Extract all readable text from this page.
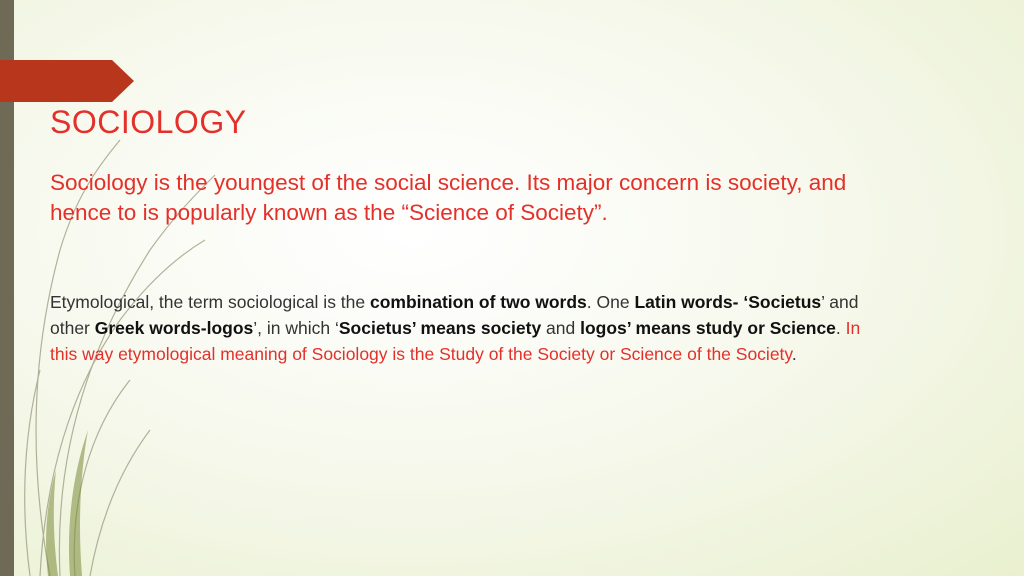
SOCIOLOGY

Sociology is the youngest of the social science. Its major concern is society, and hence to is popularly known as the “Science of Society”.

Etymological, the term sociological is the combination of two words. One Latin words- ‘Societus’ and other Greek words-logos’, in which ‘Societus’ means society and logos’ means study or Science. In this way etymological meaning of Sociology is the Study of the Society or Science of the Society.
